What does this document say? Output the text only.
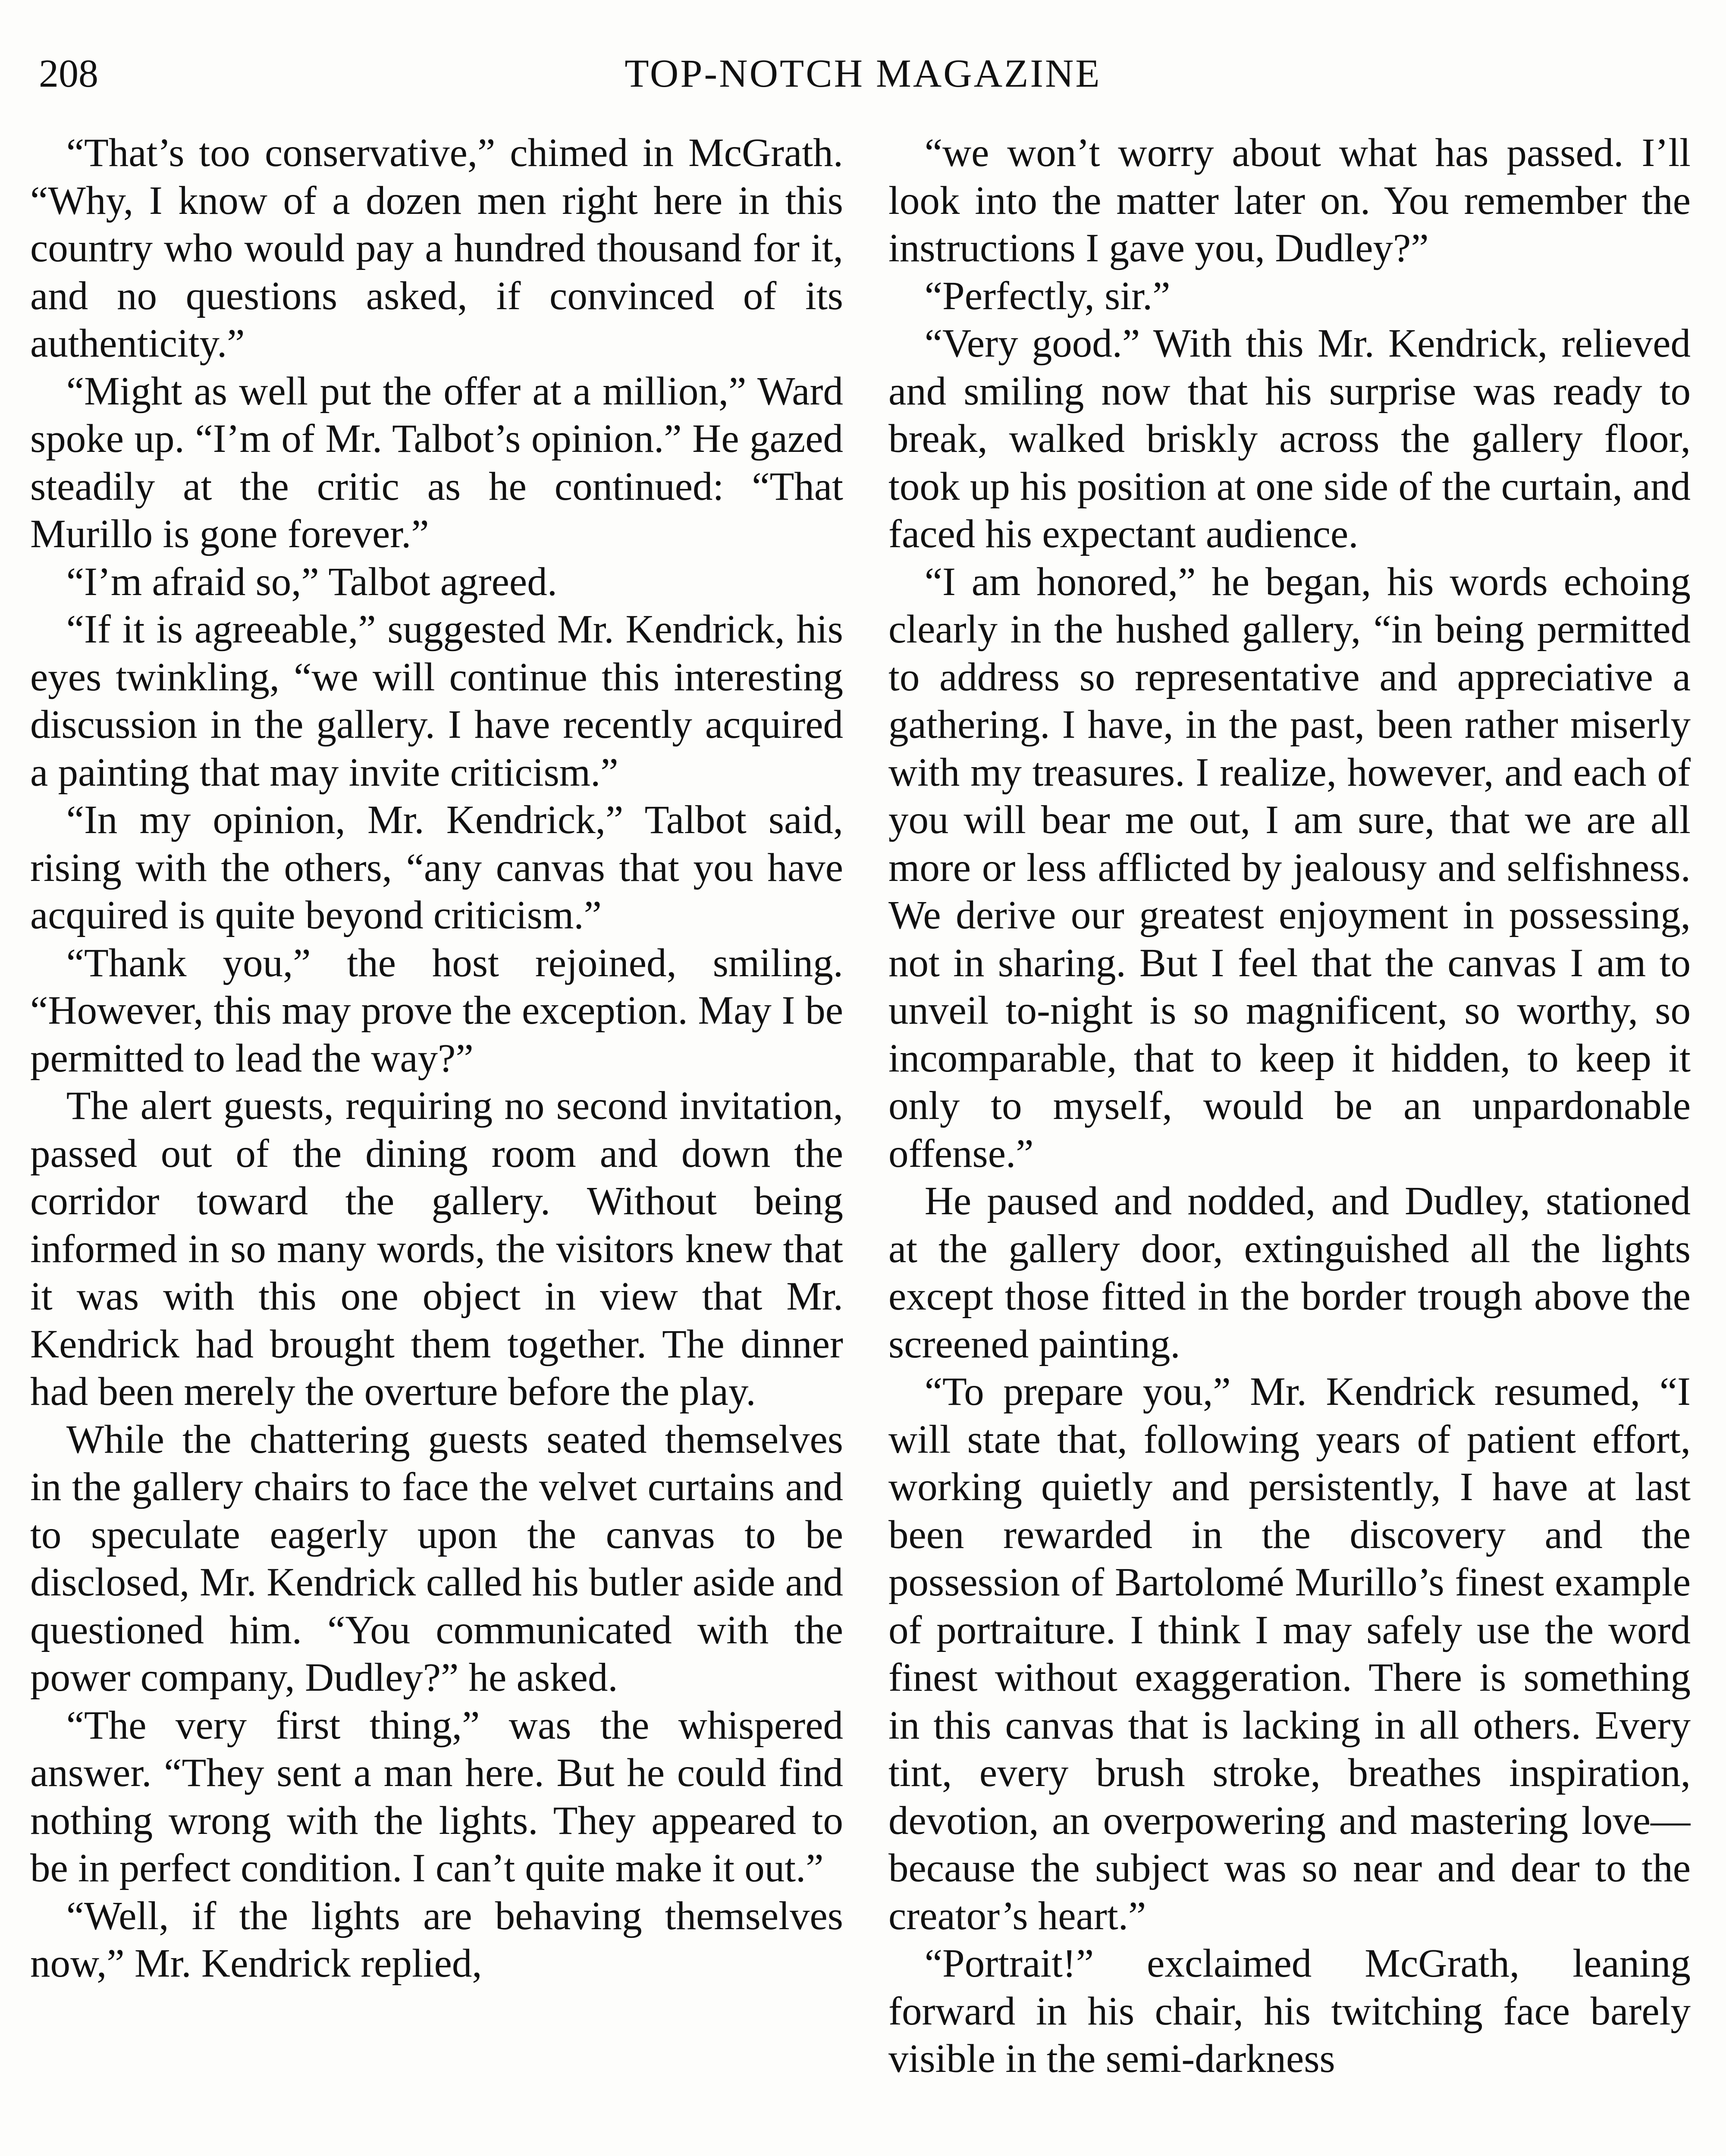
208	TOP-NOTCH MAGAZINE

“That’s too conservative,” chimed in McGrath. “Why, I know of a dozen men right here in this country who would pay a hundred thousand for it, and no questions asked, if convinced of its authenticity.”

“Might as well put the offer at a million,” Ward spoke up. “I’m of Mr. Talbot’s opinion.” He gazed steadily at the critic as he continued: “That Murillo is gone forever.”

“I’m afraid so,” Talbot agreed.

“If it is agreeable,” suggested Mr. Kendrick, his eyes twinkling, “we will continue this interesting discussion in the gallery. I have recently acquired a painting that may invite criticism.”

“In my opinion, Mr. Kendrick,” Talbot said, rising with the others, “any canvas that you have acquired is quite beyond criticism.”

“Thank you,” the host rejoined, smiling. “However, this may prove the exception. May I be permitted to lead the way?”

The alert guests, requiring no second invitation, passed out of the dining room and down the corridor toward the gallery. Without being informed in so many words, the visitors knew that it was with this one object in view that Mr. Kendrick had brought them together. The dinner had been merely the overture before the play.

While the chattering guests seated themselves in the gallery chairs to face the velvet curtains and to speculate eagerly upon the canvas to be disclosed, Mr. Kendrick called his butler aside and questioned him. “You communicated with the power company, Dudley?” he asked.

“The very first thing,” was the whispered answer. “They sent a man here. But he could find nothing wrong with the lights. They appeared to be in perfect condition. I can’t quite make it out.”

“Well, if the lights are behaving themselves now,” Mr. Kendrick replied,

“we won’t worry about what has passed. I’ll look into the matter later on. You remember the instructions I gave you, Dudley?”

“Perfectly, sir.”

“Very good.” With this Mr. Kendrick, relieved and smiling now that his surprise was ready to break, walked briskly across the gallery floor, took up his position at one side of the curtain, and faced his expectant audience.

“I am honored,” he began, his words echoing clearly in the hushed gallery, “in being permitted to address so representative and appreciative a gathering. I have, in the past, been rather miserly with my treasures. I realize, however, and each of you will bear me out, I am sure, that we are all more or less afflicted by jealousy and selfishness. We derive our greatest enjoyment in possessing, not in sharing. But I feel that the canvas I am to unveil to-night is so magnificent, so worthy, so incomparable, that to keep it hidden, to keep it only to myself, would be an unpardonable offense.”

He paused and nodded, and Dudley, stationed at the gallery door, extinguished all the lights except those fitted in the border trough above the screened painting.

“To prepare you,” Mr. Kendrick resumed, “I will state that, following years of patient effort, working quietly and persistently, I have at last been rewarded in the discovery and the possession of Bartolomé Murillo’s finest example of portraiture. I think I may safely use the word finest without exaggeration. There is something in this canvas that is lacking in all others. Every tint, every brush stroke, breathes inspiration, devotion, an overpowering and mastering love—because the subject was so near and dear to the creator’s heart.”

“Portrait!” exclaimed McGrath, leaning forward in his chair, his twitching face barely visible in the semi-darkness
